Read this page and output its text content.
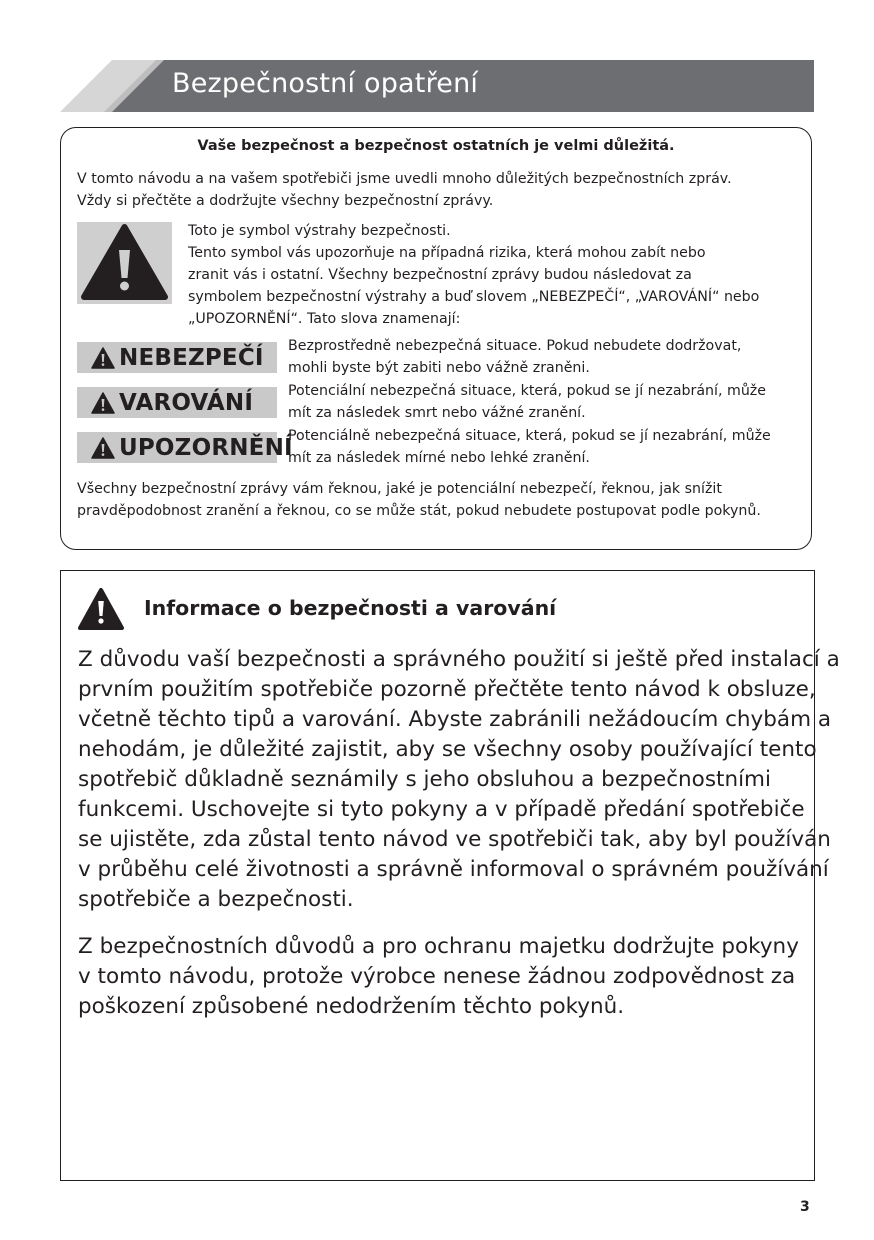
Bezpečnostní opatření
Vaše bezpečnost a bezpečnost ostatních je velmi důležitá.
V tomto návodu a na vašem spotřebiči jsme uvedli mnoho důležitých bezpečnostních zpráv.
Vždy si přečtěte a dodržujte všechny bezpečnostní zprávy.
Toto je symbol výstrahy bezpečnosti.
Tento symbol vás upozorňuje na případná rizika, která mohou zabít nebo
zranit vás i ostatní. Všechny bezpečnostní zprávy budou následovat za
symbolem bezpečnostní výstrahy a buď slovem „NEBEZPEČÍ“, „VAROVÁNÍ“ nebo
„UPOZORNĚNÍ“. Tato slova znamenají:
NEBEZPEČÍ Bezprostředně nebezpečná situace. Pokud nebudete dodržovat,
mohli byste být zabiti nebo vážně zraněni.
VAROVÁNÍ Potenciální nebezpečná situace, která, pokud se jí nezabrání, může
mít za následek smrt nebo vážné zranění.
UPOZORNĚNÍ
Potenciálně nebezpečná situace, která, pokud se jí nezabrání, může
mít za následek mírné nebo lehké zranění.
Všechny bezpečnostní zprávy vám řeknou, jaké je potenciální nebezpečí, řeknou, jak snížit
pravděpodobnost zranění a řeknou, co se může stát, pokud nebudete postupovat podle pokynů.
Informace o bezpečnosti a varování
Z důvodu vaší bezpečnosti a správného použití si ještě před instalací a
prvním použitím spotřebiče pozorně přečtěte tento návod k obsluze,
včetně těchto tipů a varování. Abyste zabránili nežádoucím chybám a
nehodám, je důležité zajistit, aby se všechny osoby používající tento
spotřebič důkladně seznámily s jeho obsluhou a bezpečnostními
funkcemi. Uschovejte si tyto pokyny a v případě předání spotřebiče
se ujistěte, zda zůstal tento návod ve spotřebiči tak, aby byl používán
v průběhu celé životnosti a správně informoval o správném používání
spotřebiče a bezpečnosti.
Z bezpečnostních důvodů a pro ochranu majetku dodržujte pokyny
v tomto návodu, protože výrobce nenese žádnou zodpovědnost za
poškození způsobené nedodržením těchto pokynů.
3
